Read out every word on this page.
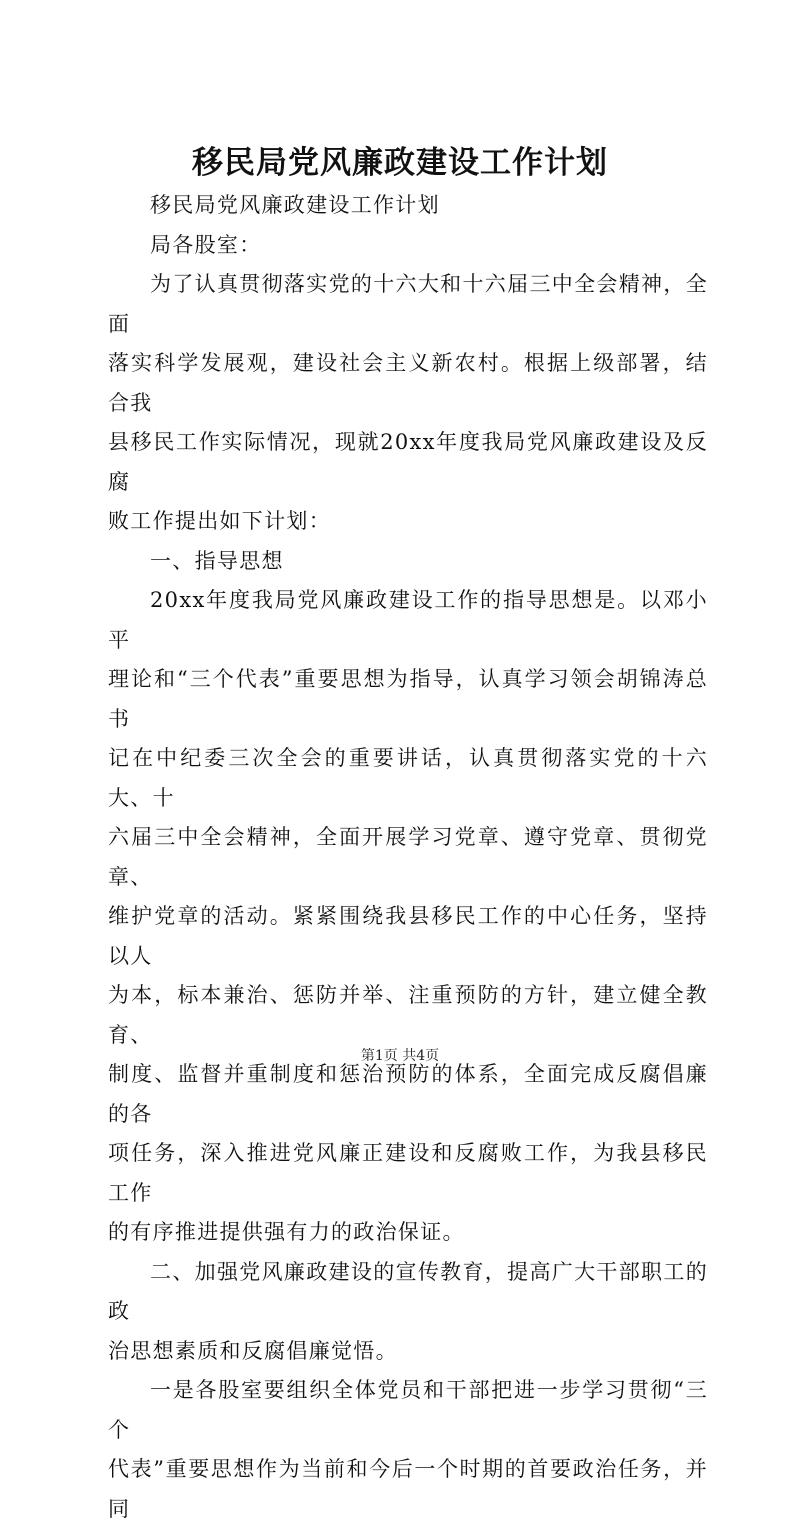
移民局党风廉政建设工作计划

移民局党风廉政建设工作计划

局各股室：

为了认真贯彻落实党的十六大和十六届三中全会精神，全面
落实科学发展观，建设社会主义新农村。根据上级部署，结合我
县移民工作实际情况，现就20xx年度我局党风廉政建设及反腐
败工作提出如下计划：

一、指导思想

20xx年度我局党风廉政建设工作的指导思想是。以邓小平
理论和“三个代表”重要思想为指导，认真学习领会胡锦涛总书
记在中纪委三次全会的重要讲话，认真贯彻落实党的十六大、十
六届三中全会精神，全面开展学习党章、遵守党章、贯彻党章、
维护党章的活动。紧紧围绕我县移民工作的中心任务，坚持以人
为本，标本兼治、惩防并举、注重预防的方针，建立健全教育、
制度、监督并重制度和惩治预防的体系，全面完成反腐倡廉的各
项任务，深入推进党风廉正建设和反腐败工作，为我县移民工作
的有序推进提供强有力的政治保证。

二、加强党风廉政建设的宣传教育，提高广大干部职工的政
治思想素质和反腐倡廉觉悟。

一是各股室要组织全体党员和干部把进一步学习贯彻“三个
代表”重要思想作为当前和今后一个时期的首要政治任务，并同

第1页 共4页
